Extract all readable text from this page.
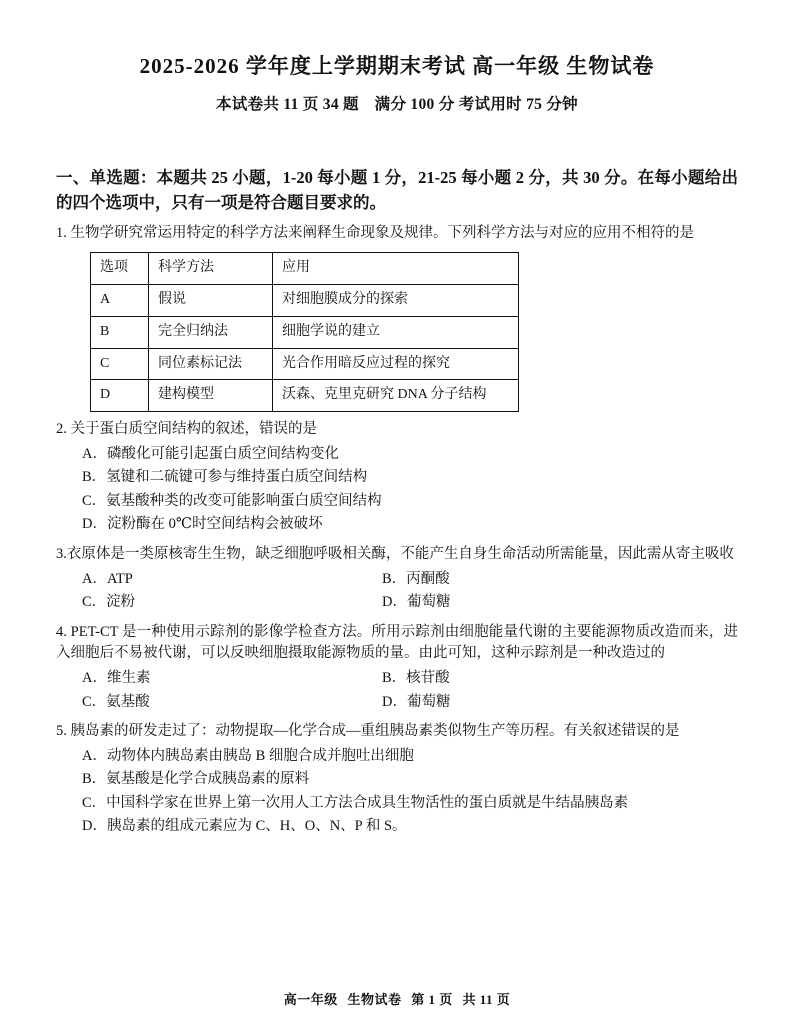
2025-2026 学年度上学期期末考试 高一年级 生物试卷
本试卷共 11 页 34 题　满分 100 分 考试用时 75 分钟
一、单选题：本题共 25 小题，1-20 每小题 1 分，21-25 每小题 2 分，共 30 分。在每小题给出的四个选项中，只有一项是符合题目要求的。
1. 生物学研究常运用特定的科学方法来阐释生命现象及规律。下列科学方法与对应的应用不相符的是
选项	科学方法	应用
A	假说	对细胞膜成分的探索
B	完全归纳法	细胞学说的建立
C	同位素标记法	光合作用暗反应过程的探究
D	建构模型	沃森、克里克研究 DNA 分子结构
2. 关于蛋白质空间结构的叙述，错误的是
A．磷酸化可能引起蛋白质空间结构变化
B．氢键和二硫键可参与维持蛋白质空间结构
C．氨基酸种类的改变可能影响蛋白质空间结构
D．淀粉酶在 0℃时空间结构会被破坏
3.衣原体是一类原核寄生生物，缺乏细胞呼吸相关酶，不能产生自身生命活动所需能量，因此需从寄主吸收
A．ATP	B．丙酮酸
C．淀粉	D．葡萄糖
4. PET-CT 是一种使用示踪剂的影像学检查方法。所用示踪剂由细胞能量代谢的主要能源物质改造而来，进入细胞后不易被代谢，可以反映细胞摄取能源物质的量。由此可知，这种示踪剂是一种改造过的
A．维生素	B．核苷酸
C．氨基酸	D．葡萄糖
5. 胰岛素的研发走过了：动物提取—化学合成—重组胰岛素类似物生产等历程。有关叙述错误的是
A．动物体内胰岛素由胰岛 B 细胞合成并胞吐出细胞
B．氨基酸是化学合成胰岛素的原料
C．中国科学家在世界上第一次用人工方法合成具生物活性的蛋白质就是牛结晶胰岛素
D．胰岛素的组成元素应为 C、H、O、N、P 和 S。
高一年级 生物试卷 第 1 页 共 11 页
